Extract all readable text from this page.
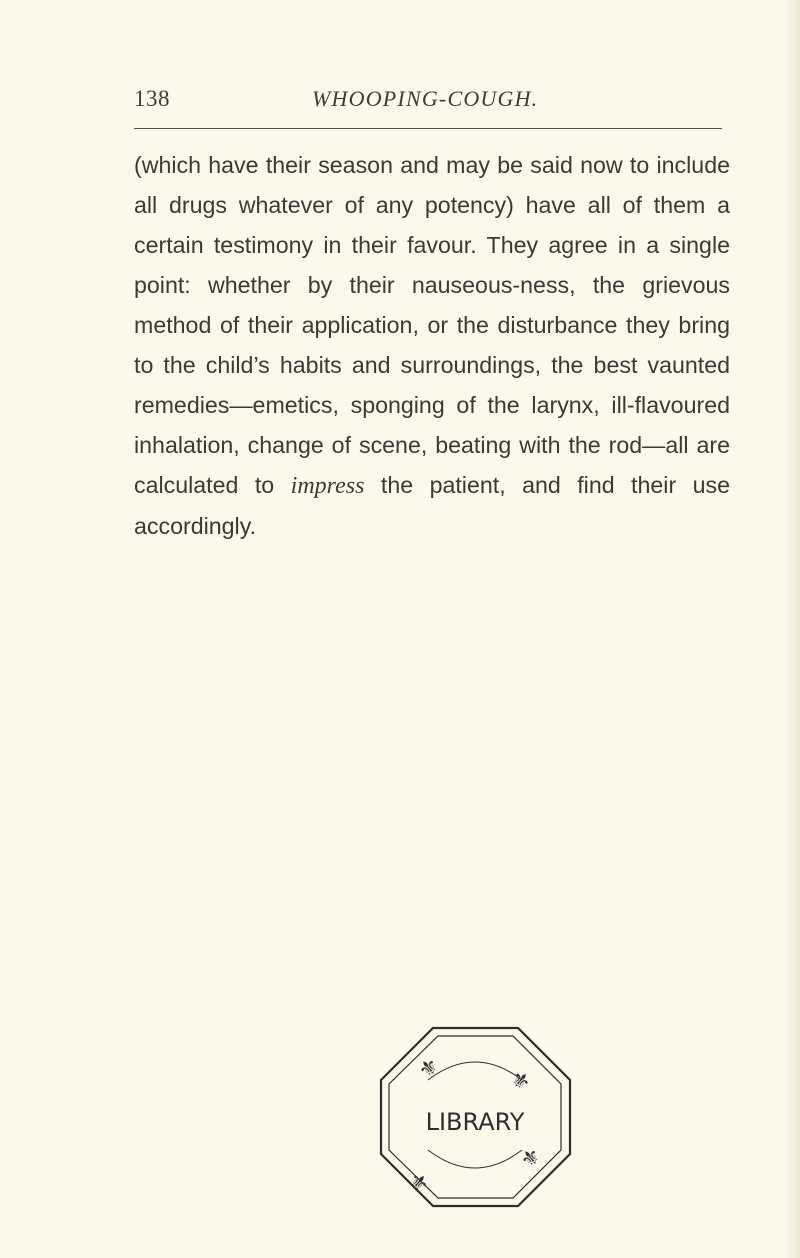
138	WHOOPING-COUGH.

(which have their season and may be said now to include all drugs whatever of any potency) have all of them a certain testimony in their favour. They agree in a single point: whether by their nauseous-ness, the grievous method of their application, or the disturbance they bring to the child’s habits and surroundings, the best vaunted remedies—emetics, sponging of the larynx, ill-flavoured inhalation, change of scene, beating with the rod—all are calculated to impress the patient, and find their use accordingly.

⚜	⚜
⚜
⚜
LIBRARY
